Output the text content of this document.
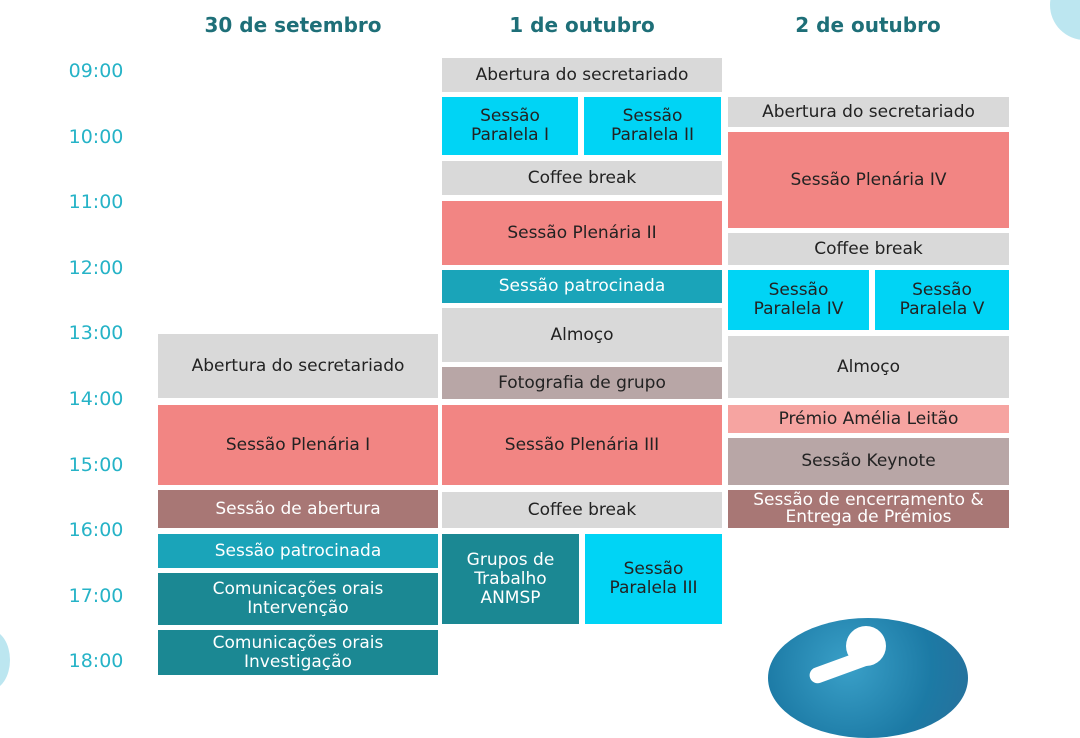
30 de setembro	1 de outubro	2 de outubro
09:00
10:00
11:00
12:00
13:00
14:00
15:00
16:00
17:00
18:00
Abertura do secretariado
Sessão Plenária I
Sessão de abertura
Sessão patrocinada
Comunicações orais
Intervenção
Comunicações orais
Investigação
Abertura do secretariado
Sessão
Paralela I
Sessão
Paralela II
Coffee break
Sessão Plenária II
Sessão patrocinada
Almoço
Fotografia de grupo
Sessão Plenária III
Coffee break
Grupos de
Trabalho
ANMSP
Sessão
Paralela III
Abertura do secretariado
Sessão Plenária IV
Coffee break
Sessão
Paralela IV
Sessão
Paralela V
Almoço
Prémio Amélia Leitão
Sessão Keynote
Sessão de encerramento &
Entrega de Prémios
